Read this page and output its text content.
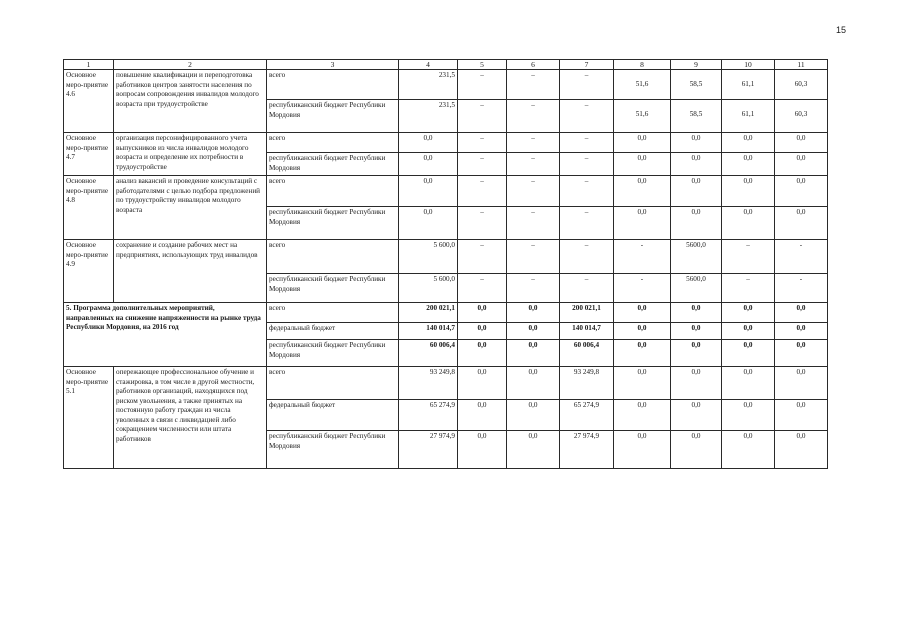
15
1	2	3	4	5	6	7	8	9	10	11
Основное меро-приятие 4.6	повышение квалификации и переподготовка работников центров занятости населения по вопросам сопровождения инвалидов молодого возраста при трудоустройстве	всего	231,5	–	–	–	51,6	58,5	61,1	60,3
		республиканский бюджет Республики Мордовия	231,5	–	–	–	51,6	58,5	61,1	60,3
Основное меро-приятие 4.7	организация персонифицированного учета выпускников из числа инвалидов молодого возраста и определение их потребности в трудоустройстве	всего	0,0	–	–	–	0,0	0,0	0,0	0,0
		республиканский бюджет Республики Мордовия	0,0	–	–	–	0,0	0,0	0,0	0,0
Основное меро-приятие 4.8	анализ вакансий и проведение консультаций с работодателями с целью подбора предложений по трудоустройству инвалидов молодого возраста	всего	0,0	–	–	–	0,0	0,0	0,0	0,0
		республиканский бюджет Республики Мордовия	0,0	–	–	–	0,0	0,0	0,0	0,0
Основное меро-приятие 4.9	сохранение и создание рабочих мест на предприятиях, использующих труд инвалидов	всего	5 600,0	–	–	–	-	5600,0	–	-
		республиканский бюджет Республики Мордовия	5 600,0	–	–	–	-	5600,0	–	-
5. Программа дополнительных мероприятий, направленных на снижение напряженности на рынке труда Республики Мордовия, на 2016 год		всего	200 021,1	0,0	0,0	200 021,1	0,0	0,0	0,0	0,0
		федеральный бюджет	140 014,7	0,0	0,0	140 014,7	0,0	0,0	0,0	0,0
		республиканский бюджет Республики Мордовия	60 006,4	0,0	0,0	60 006,4	0,0	0,0	0,0	0,0
Основное меро-приятие 5.1	опережающее профессиональное обучение и стажировка, в том числе в другой местности, работников организаций, находящихся под риском увольнения, а также принятых на постоянную работу граждан из числа уволенных в связи с ликвидацией либо сокращением численности или штата работников	всего	93 249,8	0,0	0,0	93 249,8	0,0	0,0	0,0	0,0
		федеральный бюджет	65 274,9	0,0	0,0	65 274,9	0,0	0,0	0,0	0,0
		республиканский бюджет Республики Мордовия	27 974,9	0,0	0,0	27 974,9	0,0	0,0	0,0	0,0
